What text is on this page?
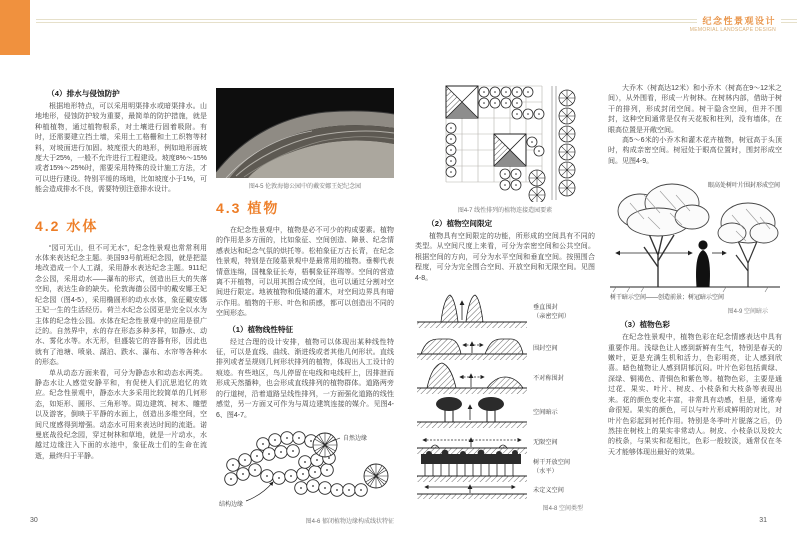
纪念性景观设计
MEMORIAL LANDSCAPE DESIGN
（4）排水与侵蚀防护

根据地形特点，可以采用明渠排水或暗渠排水。山地地形，侵蚀防护较为重要，最简单的防护措施，就是种植植物，通过植物根系，对土壤进行固着吸附。有时，还需要建立挡土墙，采用土工格栅和土工织物等材料，对坡面进行加固。坡度很大的地形，例如地形面坡度大于25%，一般不允许进行工程建设。坡度8%～15%或者15%～25%时，需要采用特殊的设计施工方法，才可以进行建设。特别平缓的场地，比如坡度小于1%，可能会造成排水不良，需要特别注意排水设计。

4.2 水体

“园可无山，但不可无水”，纪念性景观也常常利用水体来表达纪念主题。美国93号航班纪念园，就是把湿地改造成一个人工湖，采用静水表达纪念主题。911纪念公园，采用动水——瀑布的形式，创造出巨大的失落空间，表达生命的缺失。伦敦海德公园中的戴安娜王妃纪念园（图4-5），采用椭圆形的动水水体，象征戴安娜王妃一生的生活经历。荷兰水纪念公园更是完全以水为主体的纪念性公园。水体在纪念性景观中的应用是很广泛的。自然界中，水的存在形态多种多样，如静水、动水、雾化水等。水无形，但盛装它的容器有形，因此也就有了池塘、喷泉、湖泊、跌水、瀑布、水帘等各种水的形态。

单从动态方面来看，可分为静态水和动态水两类。静态水让人感觉安静平和，有促使人们沉思追忆的效应。纪念性景观中，静态水大多采用比较简单的几何形态，如矩形、圆形、三角形等。周边建筑、树木、雕塑以及游客，倒映于平静的水面上，创造出多维空间，空间尺度感得到增强。动态水可用来表达时间的流逝。诺曼底战役纪念园，穿过树林和草地，就是一片动水，水越过边缘注入下面的水池中，象征战士们的生命在流逝，最终归于平静。

图4-5 伦敦海德公园中的戴安娜王妃纪念园
4.3 植物

在纪念性景观中，植物是必不可少的构成要素。植物的作用是多方面的，比如象征、空间创造、障景、纪念情感表达和纪念气氛的烘托等。松柏象征万古长青，在纪念性景观，特别是在陵墓景观中是最常用的植物。垂柳代表情意连绵，国槐象征长寿，梧桐象征祥瑞等。空间的营造离不开植物，可以用其围合成空间，也可以通过分割对空间进行限定。地被植物和低矮的灌木，对空间边界具有暗示作用。植物的干形、叶色和质感，都可以创造出不同的空间形态。

（1）植物线性特征

经过合理的设计安排，植物可以体现出某种线性特征，可以是直线、曲线、渐进线或者其他几何形状。直线排列或者呈规则几何形状排列的植物，体现出人工设计的痕迹。有些地区，鸟儿停留在电线和电线杆上，因排泄而形成天然播种，也会形成直线排列的植物群体。道路两旁的行道树，沿着道路呈线性排列，一方面强化道路的线性感觉，另一方面又可作为与周边建筑连接的媒介。见图4-6、图4-7。

自然边缘
结构边缘
图4-6 郁闭植物边缘构成线状特征
图4-7 线性排列的植物连接造园要素
（2）植物空间限定

植物具有空间限定的功能，所形成的空间具有不同的类型。从空间尺度上来看，可分为亲密空间和公共空间。根据空间的方向，可分为水平空间和垂直空间。按照围合程度，可分为完全围合空间、开放空间和无限空间。见图4-8。

垂直围封
（亲密空间）
围封空间
不对称围封
空间暗示
无限空间
树干开放空间
（水平）
未定义空间
图4-8 空间类型

大乔木（树高达12米）和小乔木（树高在9～12米之间），从外围看，形成一片树林。在树林内部，借助于树干的排列，形成封闭空间。树干隐含空间，但并不围封，这种空间通常是仅有天花板和柱列，没有墙体，在眼高位置是开敞空间。

高5～6米的小乔木和灌木花卉植物，树冠高于头顶时，构成亲密空间。树冠处于眼高位置时，围封形成空间。见图4-9。

眼高处树叶片围封形成空间
树干暗示空间——创造前景；树冠暗示空间
图4-9 空间暗示
（3）植物色彩

在纪念性景观中，植物色彩在纪念情感表达中具有重要作用。浅绿色让人感到新鲜有生气，特别是春天的嫩叶，更是充满生机和活力，色彩明亮，让人感到欣喜。暗色植物让人感到阴郁沉闷。叶片色彩包括黄绿、深绿、铜褐色、青铜色和紫色等。植物色彩，主要是通过花、果实、叶片、树皮、小枝条和大枝条等表现出来。花的颜色变化丰富，非常具有动感，但是，通常寿命很短。果实的颜色，可以与叶片形成鲜明的对比，对叶片色彩起到衬托作用。特别是冬季叶片脱落之后，仍然挂在树枝上的果实非常动人。树皮、小枝条以及较大的枝条，与果实和花相比，色彩一般较淡，通常仅在冬天才能够体现出最好的效果。

30	31
